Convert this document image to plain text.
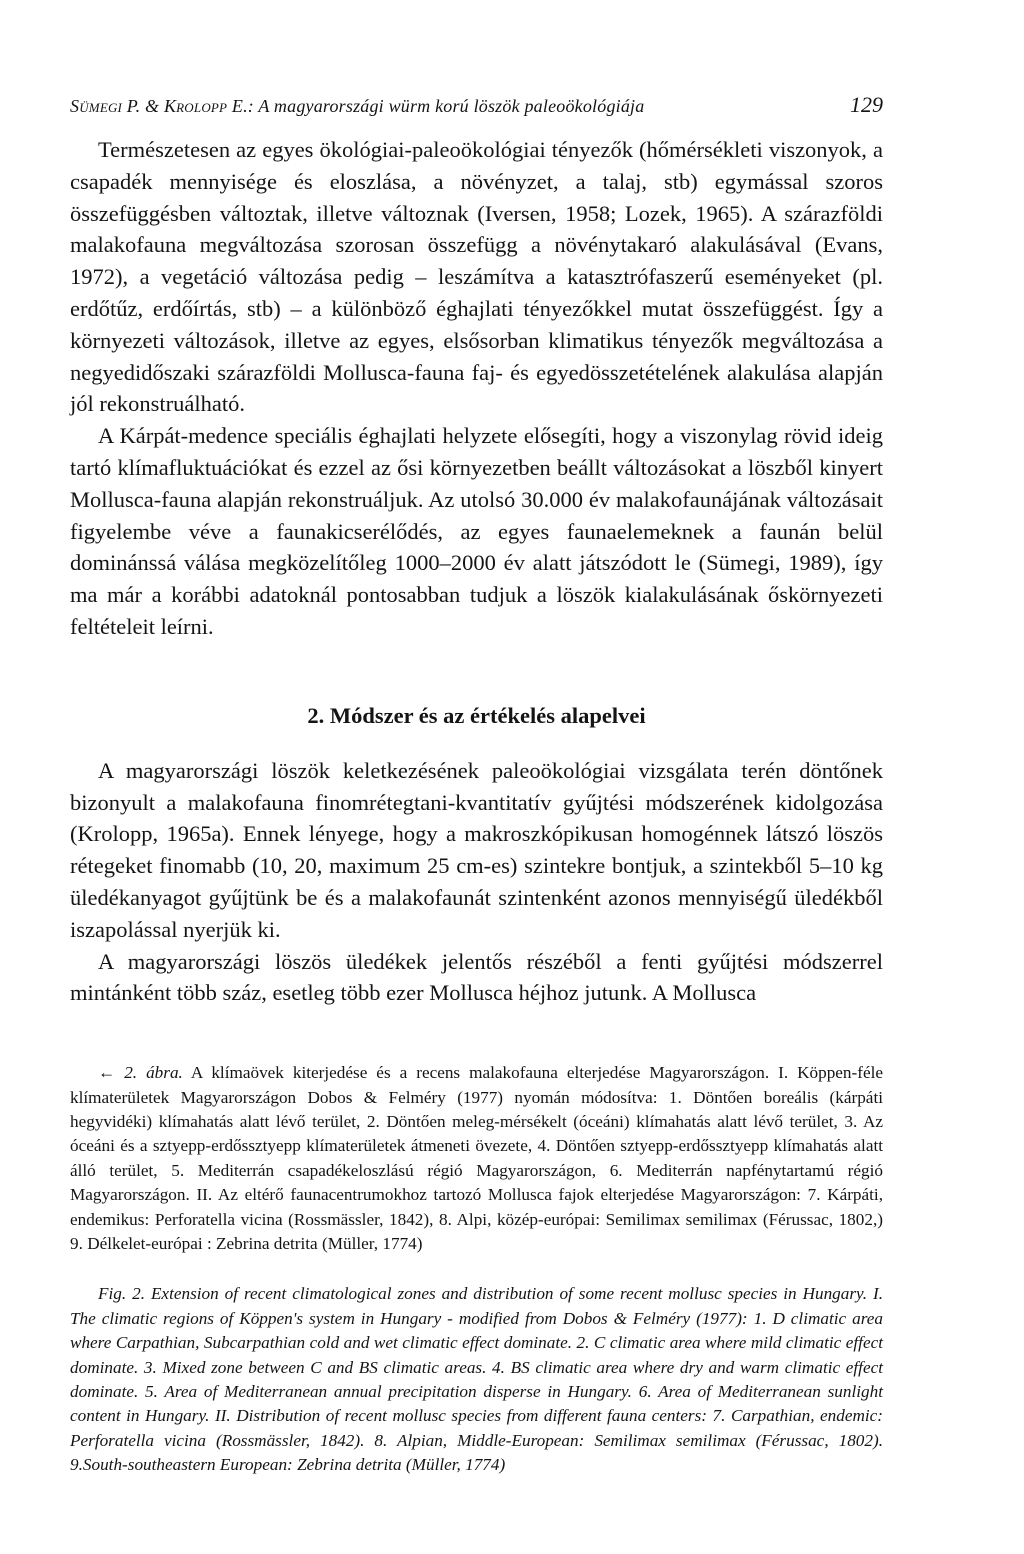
Sümegi P. & Krolopp E.: A magyarországi würm korú löszök paleoökológiája	129

Természetesen az egyes ökológiai-paleoökológiai tényezők (hőmérsékleti viszonyok, a csapadék mennyisége és eloszlása, a növényzet, a talaj, stb) egymással szoros összefüggésben változtak, illetve változnak (Iversen, 1958; Lozek, 1965). A szárazföldi malakofauna megváltozása szorosan összefügg a növénytakaró alakulásával (Evans, 1972), a vegetáció változása pedig – leszámítva a katasztrófaszerű eseményeket (pl. erdőtűz, erdőírtás, stb) – a különböző éghajlati tényezőkkel mutat összefüggést. Így a környezeti változások, illetve az egyes, elsősorban klimatikus tényezők megváltozása a negyedidőszaki szárazföldi Mollusca-fauna faj- és egyedösszetételének alakulása alapján jól rekonstruálható.

A Kárpát-medence speciális éghajlati helyzete elősegíti, hogy a viszonylag rövid ideig tartó klímafluktuációkat és ezzel az ősi környezetben beállt változásokat a löszből kinyert Mollusca-fauna alapján rekonstruáljuk. Az utolsó 30.000 év malakofaunájának változásait figyelembe véve a faunakicserélődés, az egyes faunaelemeknek a faunán belül dominánssá válása megközelítőleg 1000–2000 év alatt játszódott le (Sümegi, 1989), így ma már a korábbi adatoknál pontosabban tudjuk a löszök kialakulásának őskörnyezeti feltételeit leírni.

2. Módszer és az értékelés alapelvei

A magyarországi löszök keletkezésének paleoökológiai vizsgálata terén döntőnek bizonyult a malakofauna finomrétegtani-kvantitatív gyűjtési módszerének kidolgozása (Krolopp, 1965a). Ennek lényege, hogy a makroszkópikusan homogénnek látszó löszös rétegeket finomabb (10, 20, maximum 25 cm-es) szintekre bontjuk, a szintekből 5–10 kg üledékanyagot gyűjtünk be és a malakofaunát szintenként azonos mennyiségű üledékből iszapolással nyerjük ki.

A magyarországi löszös üledékek jelentős részéből a fenti gyűjtési módszerrel mintánként több száz, esetleg több ezer Mollusca héjhoz jutunk. A Mollusca

← 2. ábra. A klímaövek kiterjedése és a recens malakofauna elterjedése Magyarországon. I. Köppen-féle klímaterületek Magyarországon Dobos & Felméry (1977) nyomán módosítva: 1. Döntően boreális (kárpáti hegyvidéki) klímahatás alatt lévő terület, 2. Döntően meleg-mérsékelt (óceáni) klímahatás alatt lévő terület, 3. Az óceáni és a sztyepp-erdőssztyepp klímaterületek átmeneti övezete, 4. Döntően sztyepp-erdőssztyepp klímahatás alatt álló terület, 5. Mediterrán csapadékeloszlású régió Magyarországon, 6. Mediterrán napfénytartamú régió Magyarországon. II. Az eltérő faunacentrumokhoz tartozó Mollusca fajok elterjedése Magyarországon: 7. Kárpáti, endemikus: Perforatella vicina (Rossmässler, 1842), 8. Alpi, közép-európai: Semilimax semilimax (Férussac, 1802,) 9. Délkelet-európai : Zebrina detrita (Müller, 1774)
Fig. 2. Extension of recent climatological zones and distribution of some recent mollusc species in Hungary. I. The climatic regions of Köppen's system in Hungary - modified from Dobos & Felméry (1977): 1. D climatic area where Carpathian, Subcarpathian cold and wet climatic effect dominate. 2. C climatic area where mild climatic effect dominate. 3. Mixed zone between C and BS climatic areas. 4. BS climatic area where dry and warm climatic effect dominate. 5. Area of Mediterranean annual precipitation disperse in Hungary. 6. Area of Mediterranean sunlight content in Hungary. II. Distribution of recent mollusc species from different fauna centers: 7. Carpathian, endemic: Perforatella vicina (Rossmässler, 1842). 8. Alpian, Middle-European: Semilimax semilimax (Férussac, 1802). 9.South-southeastern European: Zebrina detrita (Müller, 1774)
